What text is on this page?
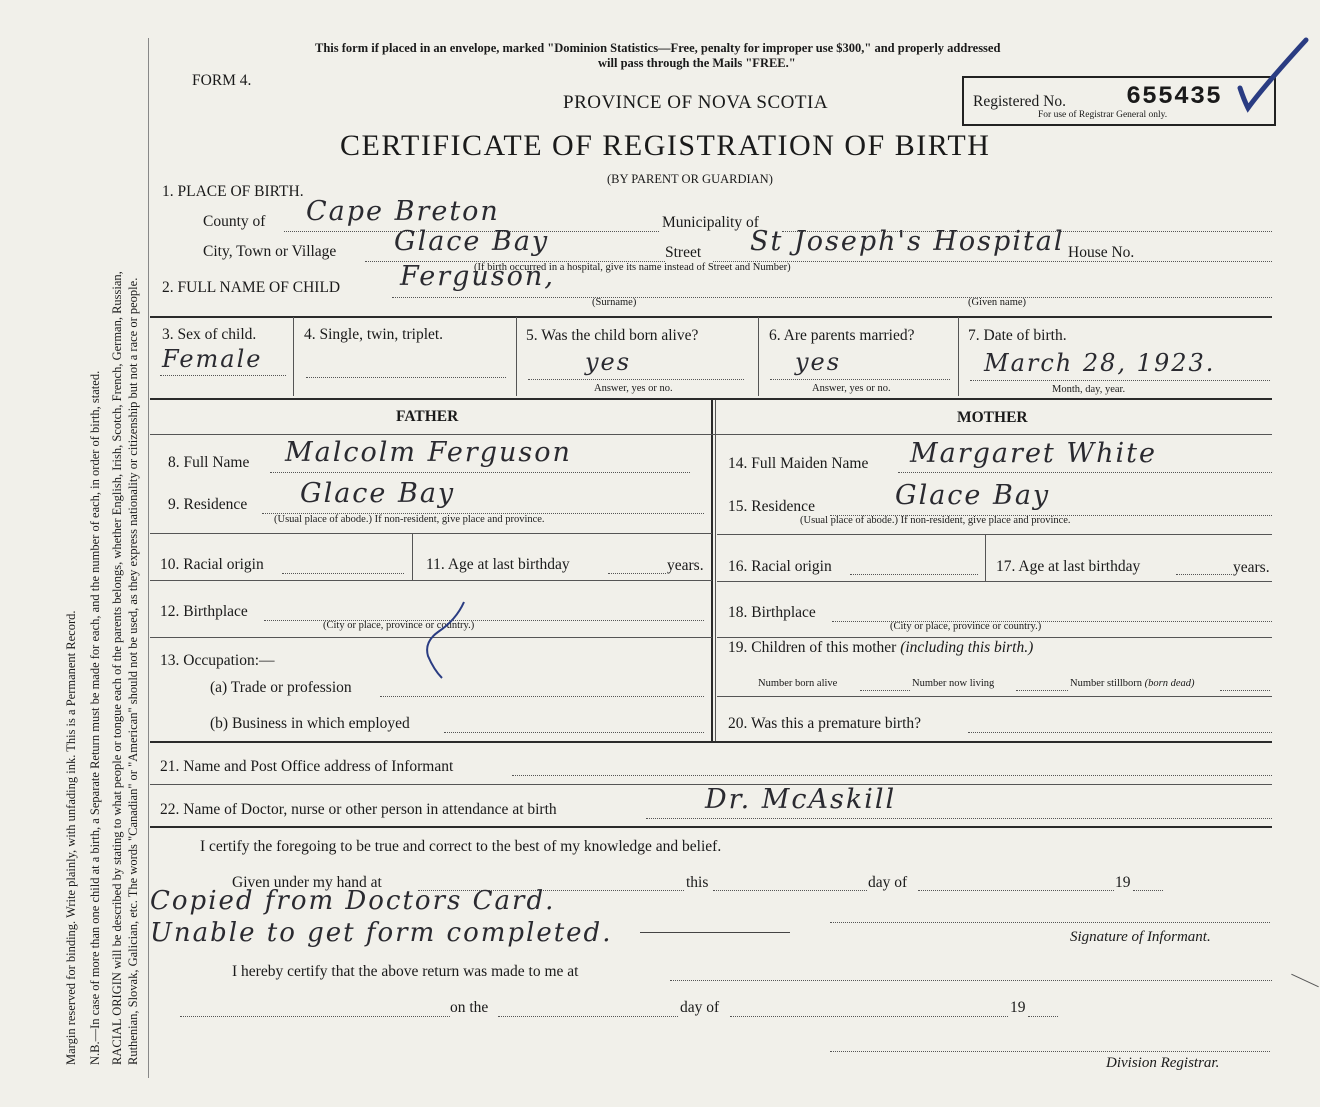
Margin reserved for binding. Write plainly, with unfading ink. This is a Permanent Record. N.B.—In case of more than one child at a birth, a Separate Return must be made for each, and the number of each, in order of birth, stated. RACIAL ORIGIN will be described by stating to what people or tongue each of the parents belongs, whether English, Irish, Scotch, French, German, Russian, Ruthenian, Slovak, Galician, etc. The words "Canadian" or "American" should not be used, as they express nationality or citizenship but not a race or people.
This form if placed in an envelope, marked "Dominion Statistics—Free, penalty for improper use $300," and properly addressed
will pass through the Mails "FREE."
FORM 4.
PROVINCE OF NOVA SCOTIA
CERTIFICATE OF REGISTRATION OF BIRTH
(BY PARENT OR GUARDIAN)
Registered No. 655435
For use of Registrar General only.
1. PLACE OF BIRTH.
County of Cape Breton	Municipality of
City, Town or Village Glace Bay	Street St Joseph's Hospital House No.
(If birth occurred in a hospital, give its name instead of Street and Number)
2. FULL NAME OF CHILD Ferguson,
(Surname)	(Given name)
3. Sex of child.
Female
4. Single, twin, triplet.	5. Was the child born alive?
yes
Answer, yes or no.
6. Are parents married?
yes
Answer, yes or no.
7. Date of birth.
March 28, 1923.
Month, day, year.
FATHER	MOTHER
8. Full Name Malcolm Ferguson
9. Residence Glace Bay
(Usual place of abode.) If non-resident, give place and province.
10. Racial origin	11. Age at last birthday	years.
12. Birthplace
(City or place, province or country.)
13. Occupation:—
(a) Trade or profession
(b) Business in which employed
14. Full Maiden Name Margaret White
15. Residence	Glace Bay
(Usual place of abode.) If non-resident, give place and province.
16. Racial origin	17. Age at last birthday	years.
18. Birthplace
(City or place, province or country.)
19. Children of this mother (including this birth.)
Number born alive	Number now living	Number stillborn (born dead)
20. Was this a premature birth?
21. Name and Post Office address of Informant
22. Name of Doctor, nurse or other person in attendance at birth	Dr. McAskill
I certify the foregoing to be true and correct to the best of my knowledge and belief.
Given under my hand at	this	day of	19
Copied from Doctors Card.
Unable to get form completed.	Signature of Informant.
I hereby certify that the above return was made to me at
on the	day of	19
Division Registrar.
